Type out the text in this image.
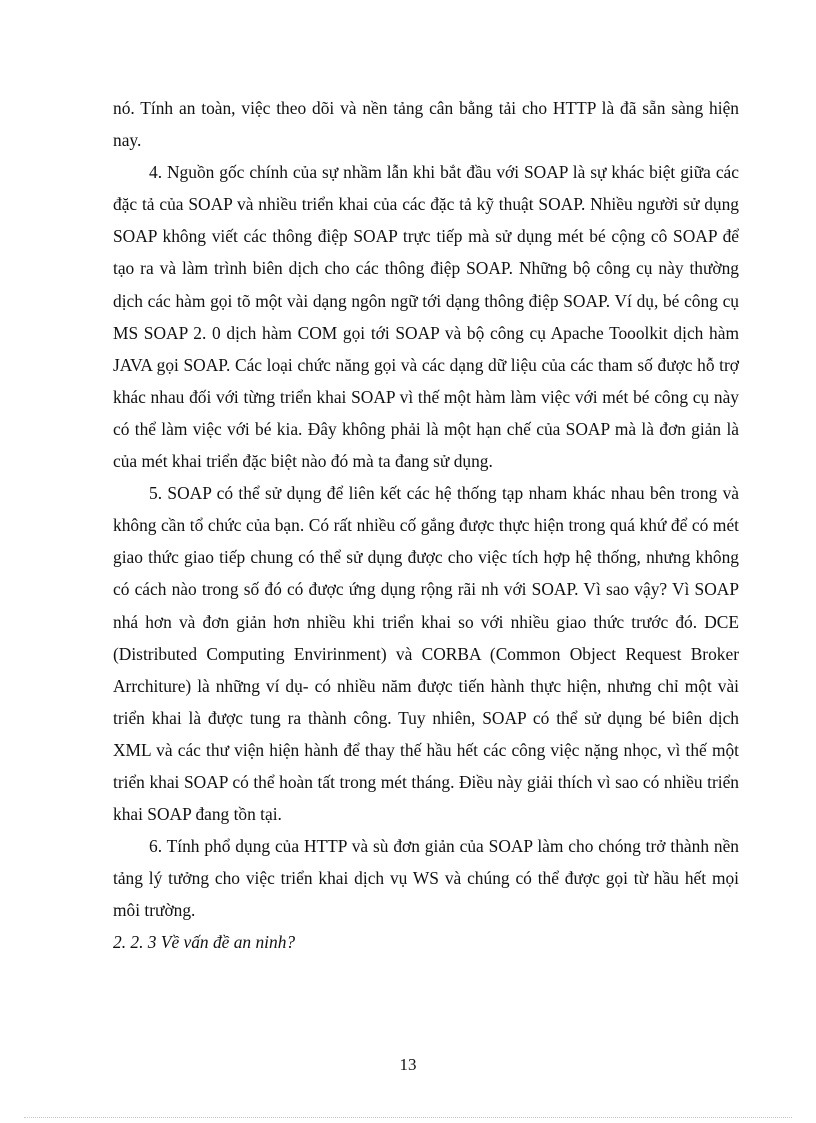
nó. Tính an toàn, việc theo dõi và nền tảng cân bằng tải cho HTTP là đã sẵn sàng hiện nay.

4. Nguồn gốc chính của sự nhầm lẫn khi bắt đầu với SOAP là sự khác biệt giữa các đặc tả của SOAP và nhiều triển khai của các đặc tả kỹ thuật SOAP. Nhiều người sử dụng SOAP không viết các thông điệp SOAP trực tiếp mà sử dụng mét bé cộng cô SOAP để tạo ra và làm trình biên dịch cho các thông điệp SOAP. Những bộ công cụ này thường dịch các hàm gọi tõ một vài dạng ngôn ngữ tới dạng thông điệp SOAP. Ví dụ, bé công cụ MS SOAP 2. 0 dịch hàm COM gọi tới SOAP và bộ công cụ Apache Tooolkit dịch hàm JAVA gọi SOAP. Các loại chức năng gọi và các dạng dữ liệu của các tham số được hỗ trợ khác nhau đối với từng triển khai SOAP vì thế một hàm làm việc với mét bé công cụ này có thể làm việc với bé kia. Đây không phải là một hạn chế của SOAP mà là đơn giản là của mét khai triển đặc biệt nào đó mà ta đang sử dụng.

5. SOAP có thể sử dụng để liên kết các hệ thống tạp nham khác nhau bên trong và không cần tổ chức của bạn. Có rất nhiều cố gắng được thực hiện trong quá khứ để có mét giao thức giao tiếp chung có thể sử dụng được cho việc tích hợp hệ thống, nhưng không có cách nào trong số đó có được ứng dụng rộng rãi nh với SOAP. Vì sao vậy? Vì SOAP nhá hơn và đơn giản hơn nhiều khi triển khai so với nhiều giao thức trước đó. DCE (Distributed Computing Envirinment) và CORBA (Common Object Request Broker Arrchiture) là những ví dụ- có nhiều năm được tiến hành thực hiện, nhưng chỉ một vài triển khai là được tung ra thành công. Tuy nhiên, SOAP có thể sử dụng bé biên dịch XML và các thư viện hiện hành để thay thế hầu hết các công việc nặng nhọc, vì thế một triển khai SOAP có thể hoàn tất trong mét tháng. Điều này giải thích vì sao có nhiều triển khai SOAP đang tồn tại.

6. Tính phổ dụng của HTTP và sù đơn giản của SOAP làm cho chóng trở thành nền tảng lý tưởng cho việc triển khai dịch vụ WS và chúng có thể được gọi từ hầu hết mọi môi trường.

2. 2. 3 Về vấn đề an ninh?

13
